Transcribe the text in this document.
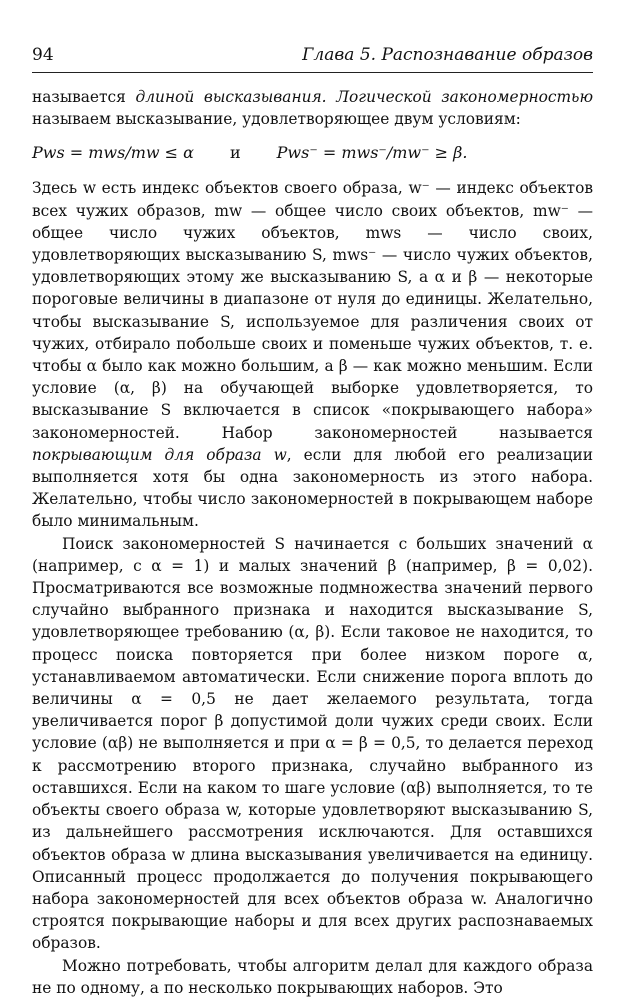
94	Глава 5. Распознавание образов

называется длиной высказывания. Логической закономерностью называем высказывание, удовлетворяющее двум условиям:

Pws = mws/mw ≤ α и Pws⁻ = mws⁻/mw⁻ ≥ β.

Здесь w есть индекс объектов своего образа, w⁻ — индекс объектов всех чужих образов, mw — общее число своих объектов, mw⁻ — общее число чужих объектов, mws — число своих, удовлетворяющих высказыванию S, mws⁻ — число чужих объектов, удовлетворяющих этому же высказыванию S, а α и β — некоторые пороговые величины в диапазоне от нуля до единицы. Желательно, чтобы высказывание S, используемое для различения своих от чужих, отбирало побольше своих и поменьше чужих объектов, т. е. чтобы α было как можно большим, а β — как можно меньшим. Если условие (α, β) на обучающей выборке удовлетворяется, то высказывание S включается в список «покрывающего набора» закономерностей. Набор закономерностей называется покрывающим для образа w, если для любой его реализации выполняется хотя бы одна закономерность из этого набора. Желательно, чтобы число закономерностей в покрывающем наборе было минимальным.

Поиск закономерностей S начинается с больших значений α (например, с α = 1) и малых значений β (например, β = 0,02). Просматриваются все возможные подмножества значений первого случайно выбранного признака и находится высказывание S, удовлетворяющее требованию (α, β). Если таковое не находится, то процесс поиска повторяется при более низком пороге α, устанавливаемом автоматически. Если снижение порога вплоть до величины α = 0,5 не дает желаемого результата, тогда увеличивается порог β допустимой доли чужих среди своих. Если условие (αβ) не выполняется и при α = β = 0,5, то делается переход к рассмотрению второго признака, случайно выбранного из оставшихся. Если на каком то шаге условие (αβ) выполняется, то те объекты своего образа w, которые удовлетворяют высказыванию S, из дальнейшего рассмотрения исключаются. Для оставшихся объектов образа w длина высказывания увеличивается на единицу. Описанный процесс продолжается до получения покрывающего набора закономерностей для всех объектов образа w. Аналогично строятся покрывающие наборы и для всех других распознаваемых образов.

Можно потребовать, чтобы алгоритм делал для каждого образа не по одному, а по несколько покрывающих наборов. Это
